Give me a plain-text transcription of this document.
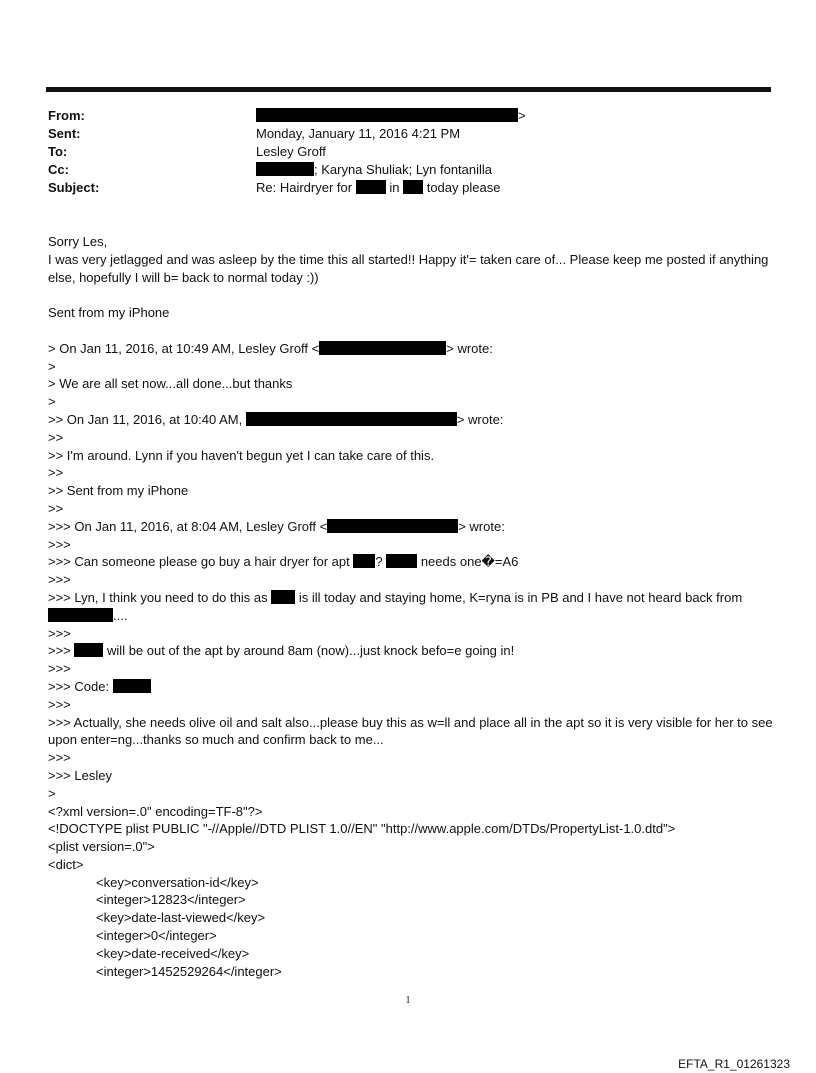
From:	>
Sent:	Monday, January 11, 2016 4:21 PM
To:	Lesley Groff
Cc:	; Karyna Shuliak; Lyn fontanilla
Subject:	Re: Hairdryer for	in today please
Sorry Les,
I was very jetlagged and was asleep by the time this all started!! Happy it'= taken care of... Please keep me posted if anything else, hopefully I will b= back to normal today :))
Sent from my iPhone
> On Jan 11, 2016, at 10:49 AM, Lesley Groff <	> wrote:
>
> We are all set now...all done...but thanks
>
>> On Jan 11, 2016, at 10:40 AM,	> wrote:
>>
>> I'm around. Lynn if you haven't begun yet I can take care of this.
>>
>> Sent from my iPhone
>>
>>> On Jan 11, 2016, at 8:04 AM, Lesley Groff <	> wrote:
>>>
>>> Can someone please go buy a hair dryer for apt ?	needs one�=A6
>>>
>>> Lyn, I think you need to do this as is ill today and staying home, K=ryna is in PB and I have not heard back from
....
>>>
>>>	will be out of the apt by around 8am (now)...just knock befo=e going in!
>>>
>>> Code:
>>>
>>> Actually, she needs olive oil and salt also...please buy this as w=ll and place all in the apt so it is very visible for her to see upon enter=ng...thanks so much and confirm back to me...
>>>
>>> Lesley
>
<?xml version=.0" encoding=TF-8"?>
<!DOCTYPE plist PUBLIC "-//Apple//DTD PLIST 1.0//EN" "http://www.apple.com/DTDs/PropertyList-1.0.dtd">
<plist version=.0">
<dict>
<key>conversation-id</key>
<integer>12823</integer>
<key>date-last-viewed</key>
<integer>0</integer>
<key>date-received</key>
<integer>1452529264</integer>
1
EFTA_R1_01261323
